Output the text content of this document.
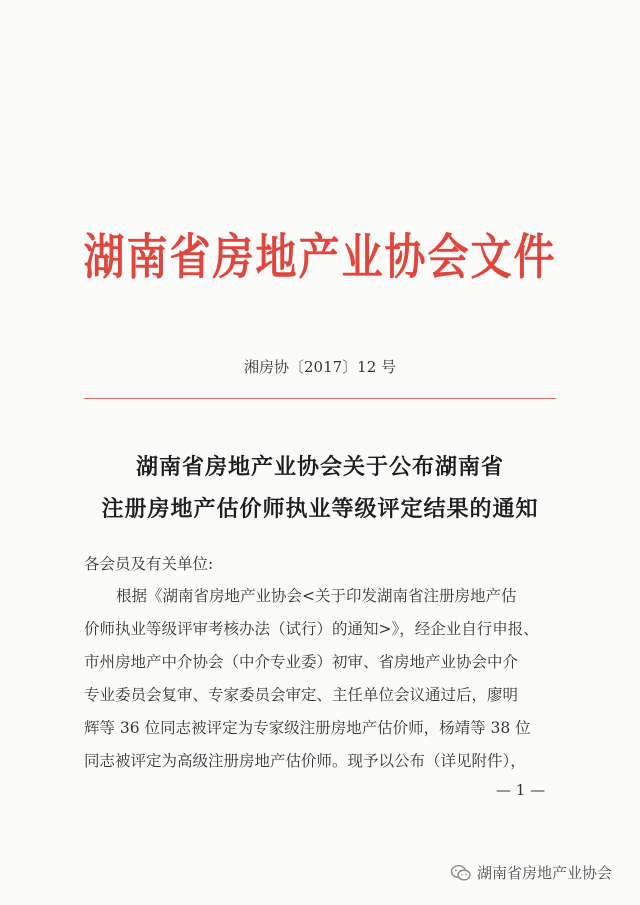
湖南省房地产业协会文件
湘房协〔2017〕12 号
湖南省房地产业协会关于公布湖南省
注册房地产估价师执业等级评定结果的通知
各会员及有关单位:
根据《湖南省房地产业协会<关于印发湖南省注册房地产估
价师执业等级评审考核办法（试行）的通知>》，经企业自行申报、
市州房地产中介协会（中介专业委）初审、省房地产业协会中介
专业委员会复审、专家委员会审定、主任单位会议通过后，廖明
辉等 36 位同志被评定为专家级注册房地产估价师，杨靖等 38 位
同志被评定为高级注册房地产估价师。现予以公布（详见附件），
— 1 —
湖南省房地产业协会
